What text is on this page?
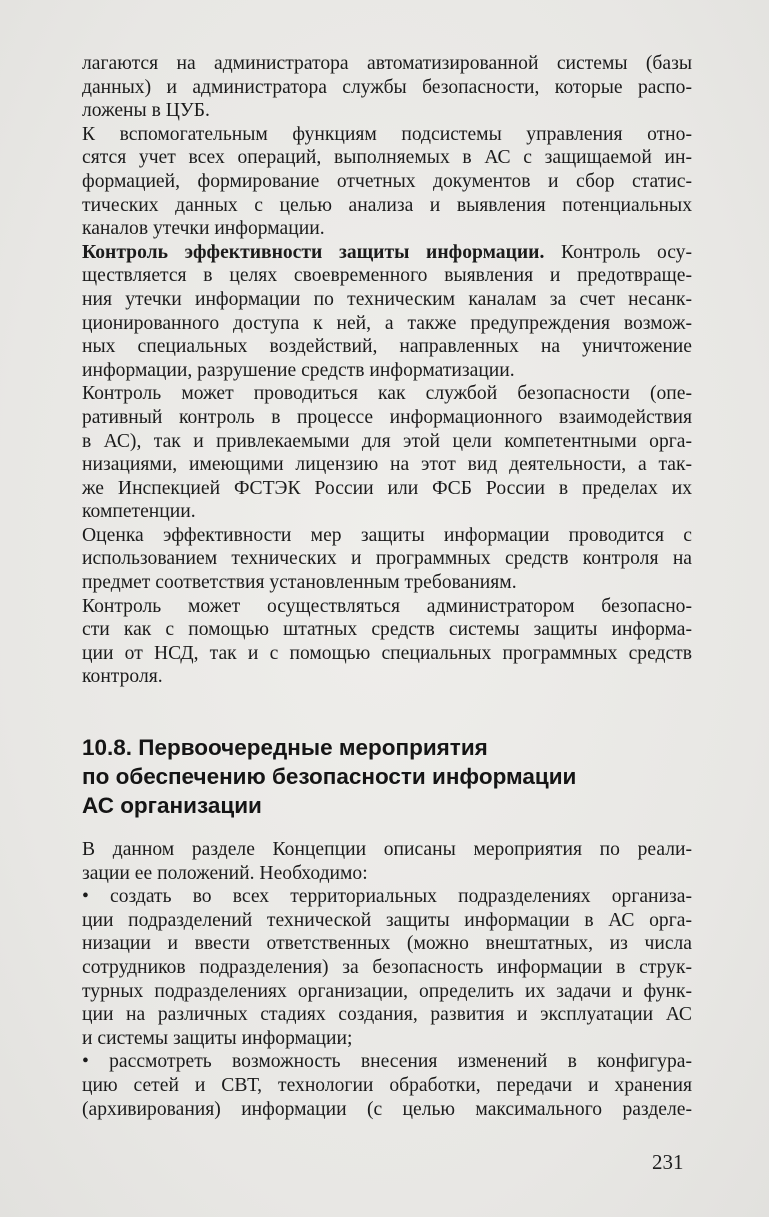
лагаются на администратора автоматизированной системы (базы
данных) и администратора службы безопасности, которые распо-
ложены в ЦУБ.

К вспомогательным функциям подсистемы управления отно-
сятся учет всех операций, выполняемых в АС с защищаемой ин-
формацией, формирование отчетных документов и сбор статис-
тических данных с целью анализа и выявления потенциальных
каналов утечки информации.

Контроль эффективности защиты информации. Контроль осу-
ществляется в целях своевременного выявления и предотвраще-
ния утечки информации по техническим каналам за счет несанк-
ционированного доступа к ней, а также предупреждения возмож-
ных специальных воздействий, направленных на уничтожение
информации, разрушение средств информатизации.

Контроль может проводиться как службой безопасности (опе-
ративный контроль в процессе информационного взаимодействия
в АС), так и привлекаемыми для этой цели компетентными орга-
низациями, имеющими лицензию на этот вид деятельности, а так-
же Инспекцией ФСТЭК России или ФСБ России в пределах их
компетенции.

Оценка эффективности мер защиты информации проводится с
использованием технических и программных средств контроля на
предмет соответствия установленным требованиям.

Контроль может осуществляться администратором безопасно-
сти как с помощью штатных средств системы защиты информа-
ции от НСД, так и с помощью специальных программных средств
контроля.

10.8. Первоочередные мероприятия
по обеспечению безопасности информации
АС организации

В данном разделе Концепции описаны мероприятия по реали-
зации ее положений. Необходимо:

• создать во всех территориальных подразделениях организа-
ции подразделений технической защиты информации в АС орга-
низации и ввести ответственных (можно внештатных, из числа
сотрудников подразделения) за безопасность информации в струк-
турных подразделениях организации, определить их задачи и функ-
ции на различных стадиях создания, развития и эксплуатации АС
и системы защиты информации;

• рассмотреть возможность внесения изменений в конфигура-
цию сетей и СВТ, технологии обработки, передачи и хранения
(архивирования) информации (с целью максимального разделе-

231
